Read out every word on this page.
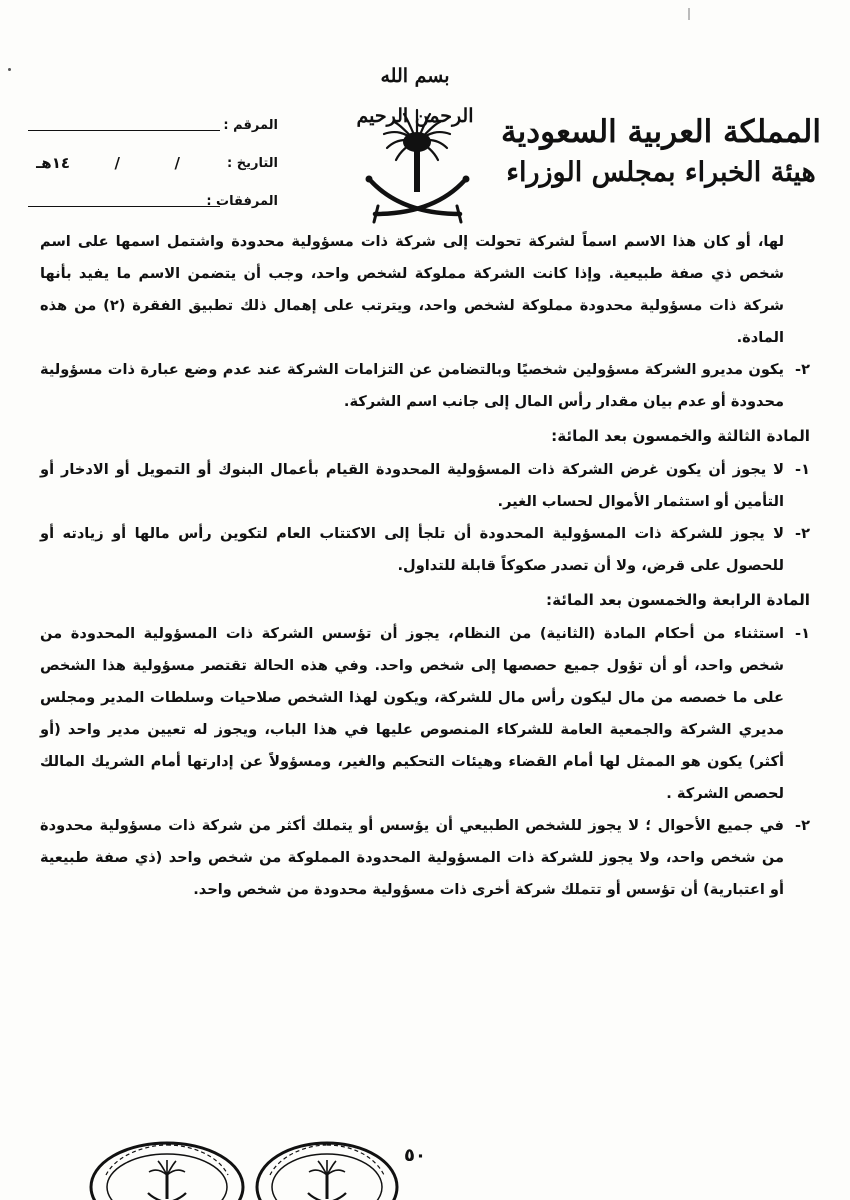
بسم الله الرحمن الرحيم المملكة العربية السعودية
هيئة الخبراء بمجلس الوزراء
المرقم :
التاريخ :
/
/
١٤هـ
المرفقات :

لها، أو كان هذا الاسم اسماً لشركة تحولت إلى شركة ذات مسؤولية محدودة واشتمل اسمها على اسم شخص ذي صفة طبيعية. وإذا كانت الشركة مملوكة لشخص واحد، وجب أن يتضمن الاسم ما يفيد بأنها شركة ذات مسؤولية محدودة مملوكة لشخص واحد، ويترتب على إهمال ذلك تطبيق الفقرة (٢) من هذه المادة.

٢-
يكون مديرو الشركة مسؤولين شخصيًا وبالتضامن عن التزامات الشركة عند عدم وضع عبارة ذات مسؤولية محدودة أو عدم بيان مقدار رأس المال إلى جانب اسم الشركة.
المادة الثالثة والخمسون بعد المائة:
١-
لا يجوز أن يكون غرض الشركة ذات المسؤولية المحدودة القيام بأعمال البنوك أو التمويل أو الادخار أو التأمين أو استثمار الأموال لحساب الغير.
٢-
لا يجوز للشركة ذات المسؤولية المحدودة أن تلجأ إلى الاكتتاب العام لتكوين رأس مالها أو زيادته أو للحصول على قرض، ولا أن تصدر صكوكاً قابلة للتداول.
المادة الرابعة والخمسون بعد المائة:
١-
استثناء من أحكام المادة (الثانية) من النظام، يجوز أن تؤسس الشركة ذات المسؤولية المحدودة من شخص واحد، أو أن تؤول جميع حصصها إلى شخص واحد. وفي هذه الحالة تقتصر مسؤولية هذا الشخص على ما خصصه من مال ليكون رأس مال للشركة، ويكون لهذا الشخص صلاحيات وسلطات المدير ومجلس مديري الشركة والجمعية العامة للشركاء المنصوص عليها في هذا الباب، ويجوز له تعيين مدير واحد (أو أكثر) يكون هو الممثل لها أمام القضاء وهيئات التحكيم والغير، ومسؤولاً عن إدارتها أمام الشريك المالك لحصص الشركة .
٢-
في جميع الأحوال ؛ لا يجوز للشخص الطبيعي أن يؤسس أو يتملك أكثر من شركة ذات مسؤولية محدودة من شخص واحد، ولا يجوز للشركة ذات المسؤولية المحدودة المملوكة من شخص واحد (ذي صفة طبيعية أو اعتبارية) أن تؤسس أو تتملك شركة أخرى ذات مسؤولية محدودة من شخص واحد.
٥٠
